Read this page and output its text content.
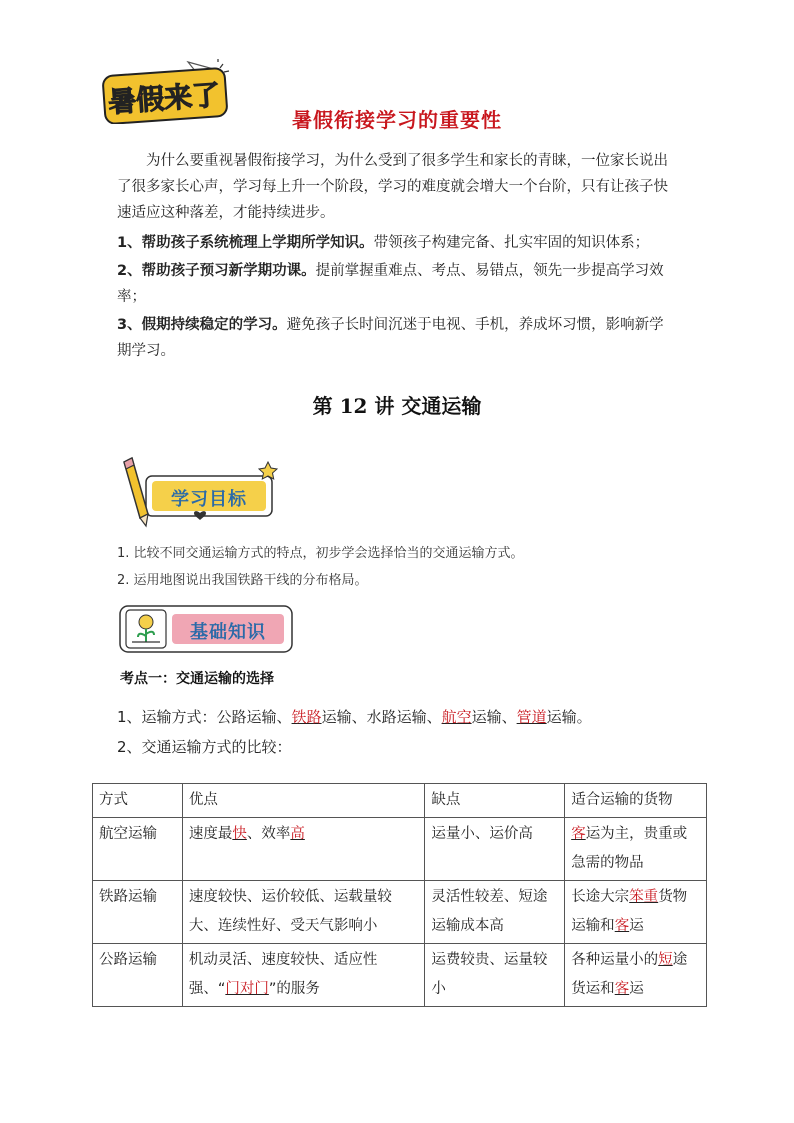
暑假来了
暑假衔接学习的重要性
为什么要重视暑假衔接学习，为什么受到了很多学生和家长的青睐，一位家长说出了很多家长心声，学习每上升一个阶段，学习的难度就会增大一个台阶，只有让孩子快速适应这种落差，才能持续进步。
1、帮助孩子系统梳理上学期所学知识。带领孩子构建完备、扎实牢固的知识体系；
2、帮助孩子预习新学期功课。提前掌握重难点、考点、易错点，领先一步提高学习效率；
3、假期持续稳定的学习。避免孩子长时间沉迷于电视、手机，养成坏习惯，影响新学期学习。
第 12 讲 交通运输
学习目标
1. 比较不同交通运输方式的特点，初步学会选择恰当的交通运输方式。
2. 运用地图说出我国铁路干线的分布格局。
基础知识
考点一：交通运输的选择
1、运输方式：公路运输、铁路运输、水路运输、航空运输、管道运输。
2、交通运输方式的比较：
方式	优点	缺点	适合运输的货物
航空运输	速度最快、效率高	运量小、运价高	客运为主，贵重或急需的物品
铁路运输	速度较快、运价较低、运载量较大、连续性好、受天气影响小	灵活性较差、短途运输成本高	长途大宗笨重货物运输和客运
公路运输	机动灵活、速度较快、适应性强、“门对门”的服务	运费较贵、运量较小	各种运量小的短途货运和客运
